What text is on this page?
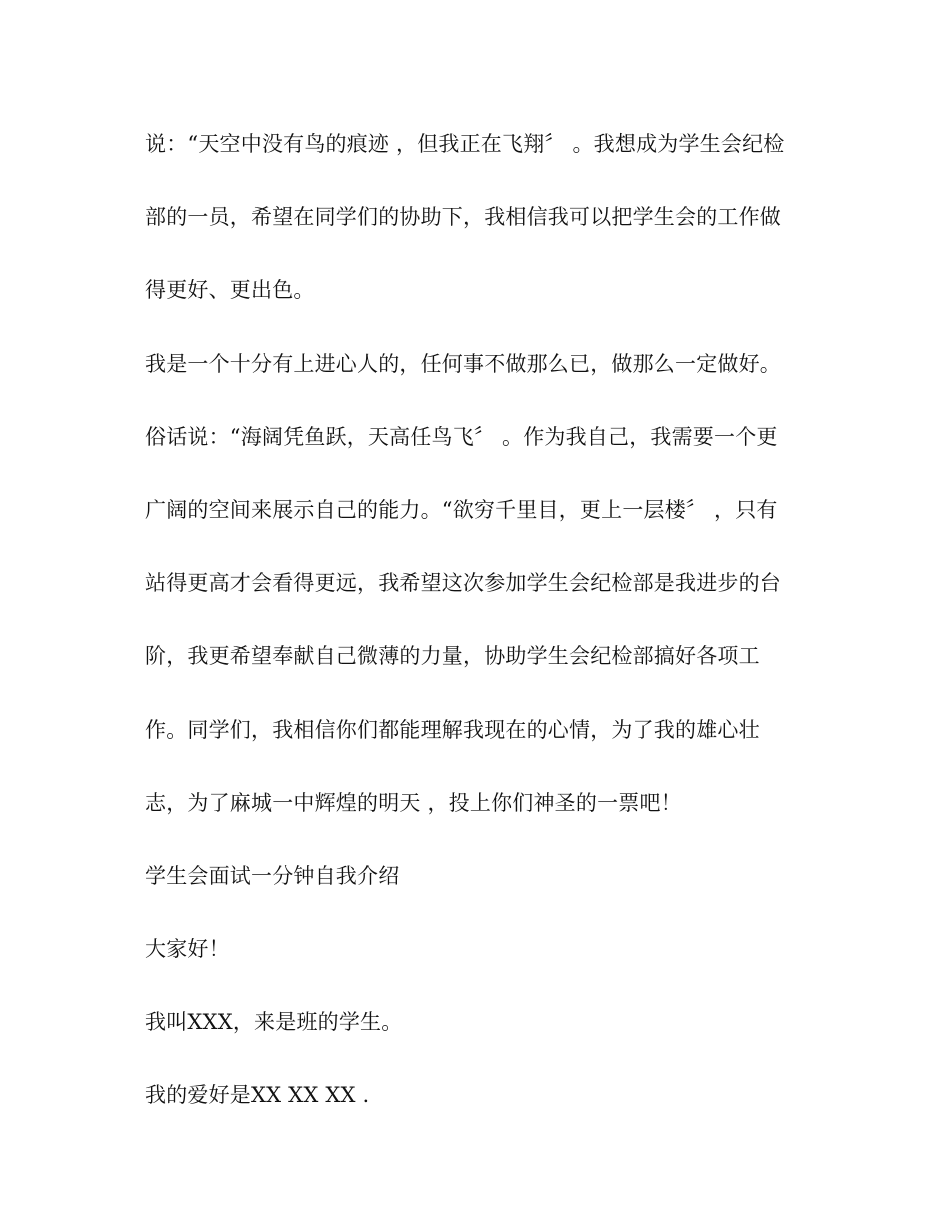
说：“天空中没有鸟的痕迹 ，但我正在飞翔〞 。我想成为学生会纪检
部的一员，希望在同学们的协助下，我相信我可以把学生会的工作做
得更好、更出色。
我是一个十分有上进心人的，任何事不做那么已，做那么一定做好。
俗话说：“海阔凭鱼跃，天高任鸟飞〞 。作为我自己，我需要一个更
广阔的空间来展示自己的能力。“欲穷千里目，更上一层楼〞 ，只有
站得更高才会看得更远，我希望这次参加学生会纪检部是我进步的台
阶，我更希望奉献自己微薄的力量，协助学生会纪检部搞好各项工
作。同学们，我相信你们都能理解我现在的心情，为了我的雄心壮
志，为了麻城一中辉煌的明天 ，投上你们神圣的一票吧！
学生会面试一分钟自我介绍
大家好！
我叫XXX，来是班的学生。
我的爱好是XX XX XX .
